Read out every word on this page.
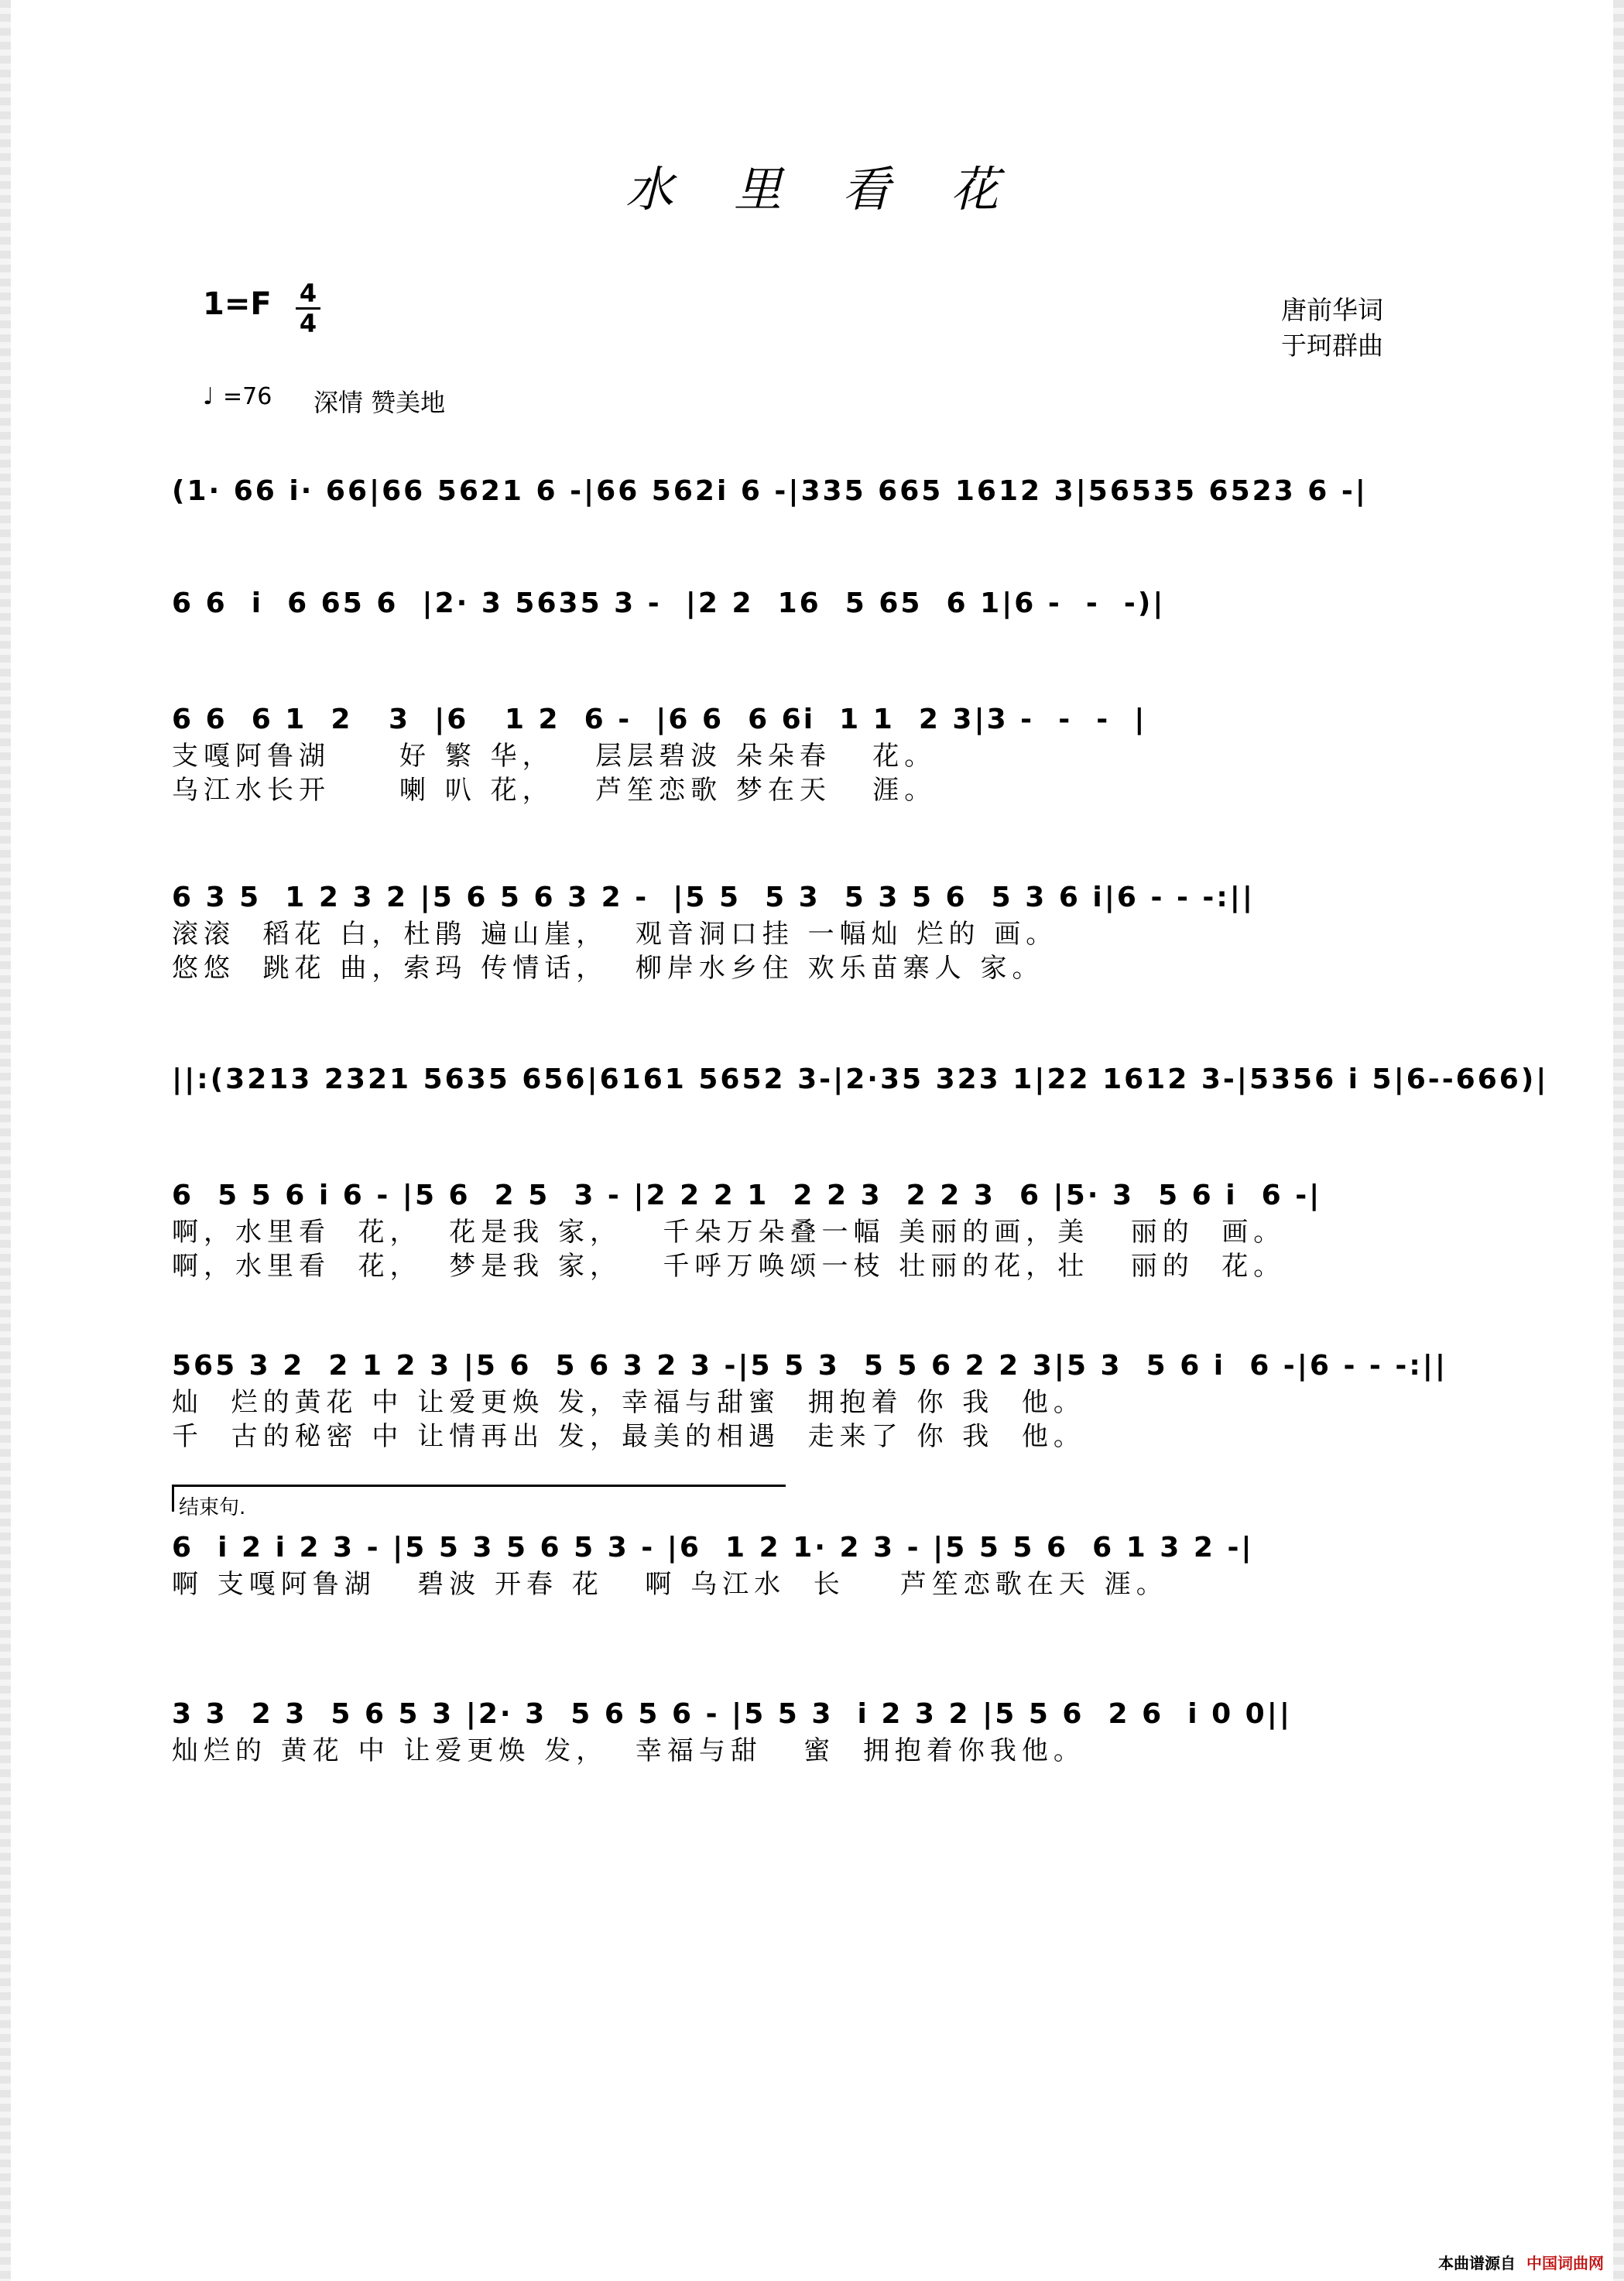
水里看花
1=F 4
4	唐前华词
于珂群曲
♩ =76 深情 赞美地
(1· 66 i· 66|66 5621 6 -|66 562i 6 -|335 665 1612 3|56535 6523 6 -|
6 6  i  6 65 6  |2· 3 5635 3 -  |2 2  16  5 65  6 1|6 -  -  -)|
6 6  6 1  2   3  |6   1 2  6 -  |6 6  6 6i  1 1  2 3|3 -  -  -  |
支嘎阿鲁湖     好 繁 华，   层层碧波 朵朵春   花。
乌江水长开     喇 叭 花，   芦笙恋歌 梦在天   涯。
6 3 5  1 2 3 2 |5 6 5 6 3 2 -  |5 5  5 3  5 3 5 6  5 3 6 i|6 - - -:||
滚滚  稻花 白，杜鹃 遍山崖，  观音洞口挂 一幅灿 烂的 画。
悠悠  跳花 曲，索玛 传情话，  柳岸水乡住 欢乐苗寨人 家。
||:(3213 2321 5635 656|6161 5652 3-|2·35 323 1|22 1612 3-|5356 i 5|6--666)|
6  5 5 6 i 6 - |5 6  2 5  3 - |2 2 2 1  2 2 3  2 2 3  6 |5· 3  5 6 i  6 -|
啊，水里看  花，  花是我 家，   千朵万朵叠一幅 美丽的画，美   丽的  画。
啊，水里看  花，  梦是我 家，   千呼万唤颂一枝 壮丽的花，壮   丽的  花。
565 3 2  2 1 2 3 |5 6  5 6 3 2 3 -|5 5 3  5 5 6 2 2 3|5 3  5 6 i  6 -|6 - - -:||
灿  烂的黄花 中 让爱更焕 发，幸福与甜蜜  拥抱着 你 我  他。
千  古的秘密 中 让情再出 发，最美的相遇  走来了 你 我  他。
结束句.
6  i 2 i 2 3 - |5 5 3 5 6 5 3 - |6  1 2 1· 2 3 - |5 5 5 6  6 1 3 2 -|
啊 支嘎阿鲁湖   碧波 开春 花   啊 乌江水  长    芦笙恋歌在天 涯。
3 3  2 3  5 6 5 3 |2· 3  5 6 5 6 - |5 5 3  i 2 3 2 |5 5 6  2 6  i 0 0||
灿烂的 黄花 中 让爱更焕 发，  幸福与甜   蜜  拥抱着你我他。
本曲谱源自 中国词曲网
